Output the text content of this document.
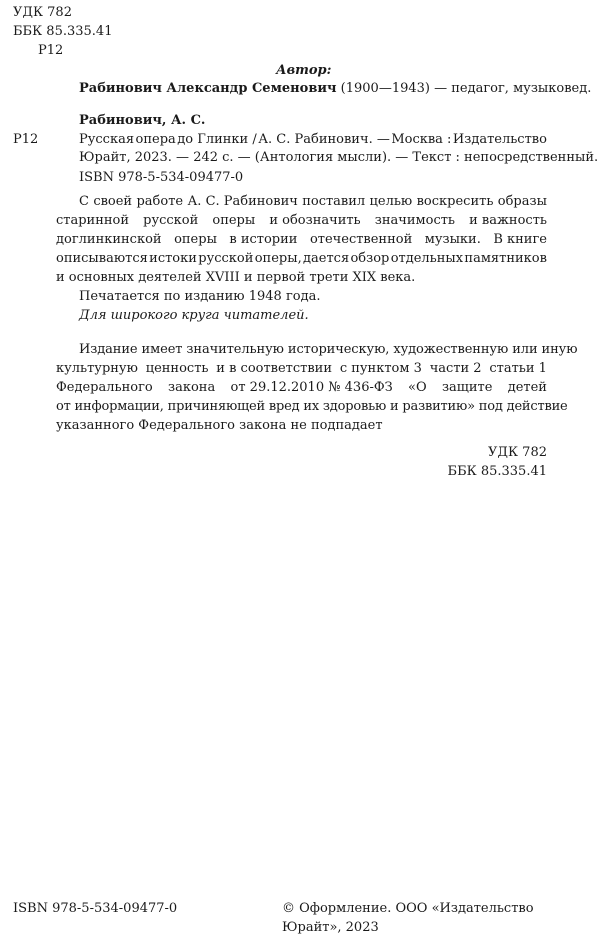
УДК 782
ББК 85.335.41
Р12
Автор:
Рабинович Александр Семенович (1900—1943) — педагог, музыковед.
Рабинович, А. С.
Р12	Русская опера до Глинки / А. С. Рабинович. — Москва : Издательство
Юрайт, 2023. — 242 с. — (Антология мысли). — Текст : непосредственный.
ISBN 978-5-534-09477-0
С своей работе А. С. Рабинович поставил целью воскресить образы
старинной русской оперы и обозначить значимость и важность
доглинкинской оперы в истории отечественной музыки. В книге
описываются истоки русской оперы, дается обзор отдельных памятников
и основных деятелей XVIII и первой трети XIX века.
Печатается по изданию 1948 года.
Для широкого круга читателей.
Издание имеет значительную историческую, художественную или иную
культурную ценность и в соответствии с пунктом 3 части 2 статьи 1
Федерального закона от 29.12.2010 № 436-ФЗ «О защите детей
от информации, причиняющей вред их здоровью и развитию» под действие
указанного Федерального закона не подпадает
УДК 782
ББК 85.335.41
ISBN 978-5-534-09477-0	© Оформление. ООО «Издательство
Юрайт», 2023
